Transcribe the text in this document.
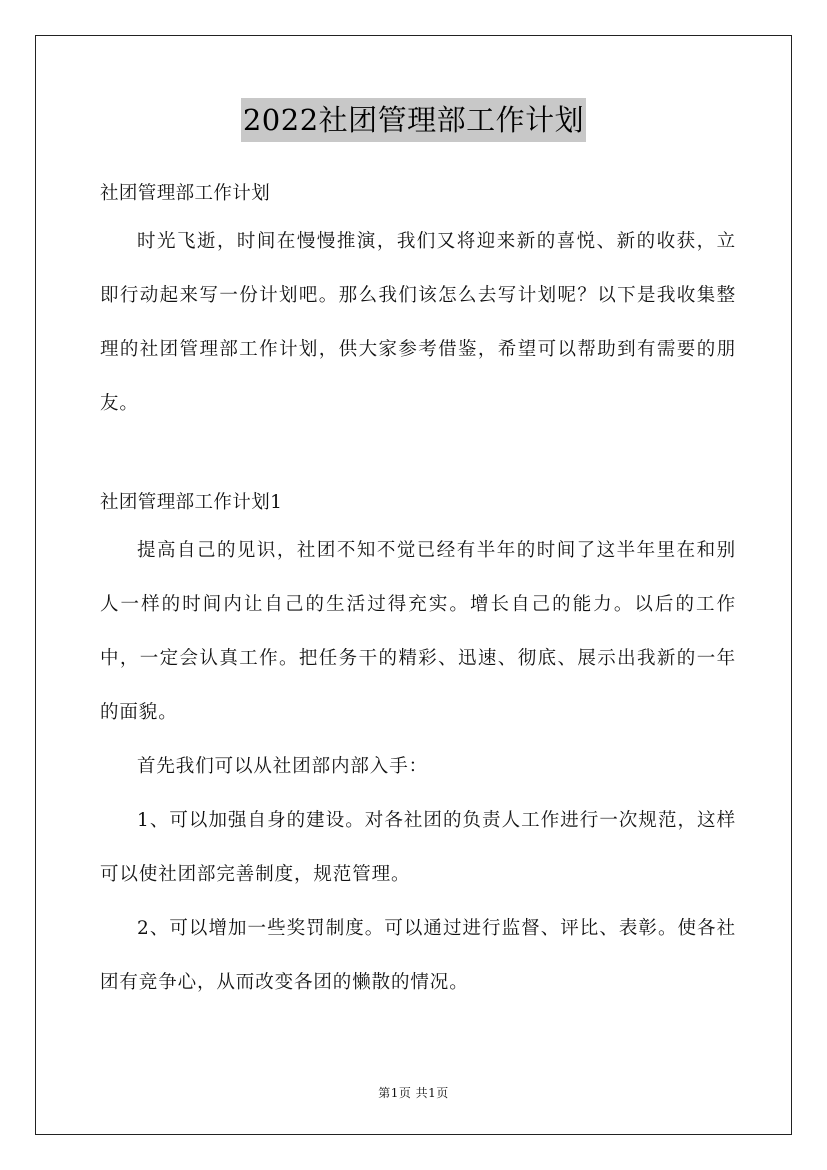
2022社团管理部工作计划

社团管理部工作计划

时光飞逝，时间在慢慢推演，我们又将迎来新的喜悦、新的收获，立即行动起来写一份计划吧。那么我们该怎么去写计划呢？以下是我收集整理的社团管理部工作计划，供大家参考借鉴，希望可以帮助到有需要的朋友。

社团管理部工作计划1

提高自己的见识，社团不知不觉已经有半年的时间了这半年里在和别人一样的时间内让自己的生活过得充实。增长自己的能力。以后的工作中，一定会认真工作。把任务干的精彩、迅速、彻底、展示出我新的一年的面貌。

首先我们可以从社团部内部入手：

1、可以加强自身的建设。对各社团的负责人工作进行一次规范，这样可以使社团部完善制度，规范管理。

2、可以增加一些奖罚制度。可以通过进行监督、评比、表彰。使各社团有竞争心，从而改变各团的懒散的情况。

第1页 共1页
